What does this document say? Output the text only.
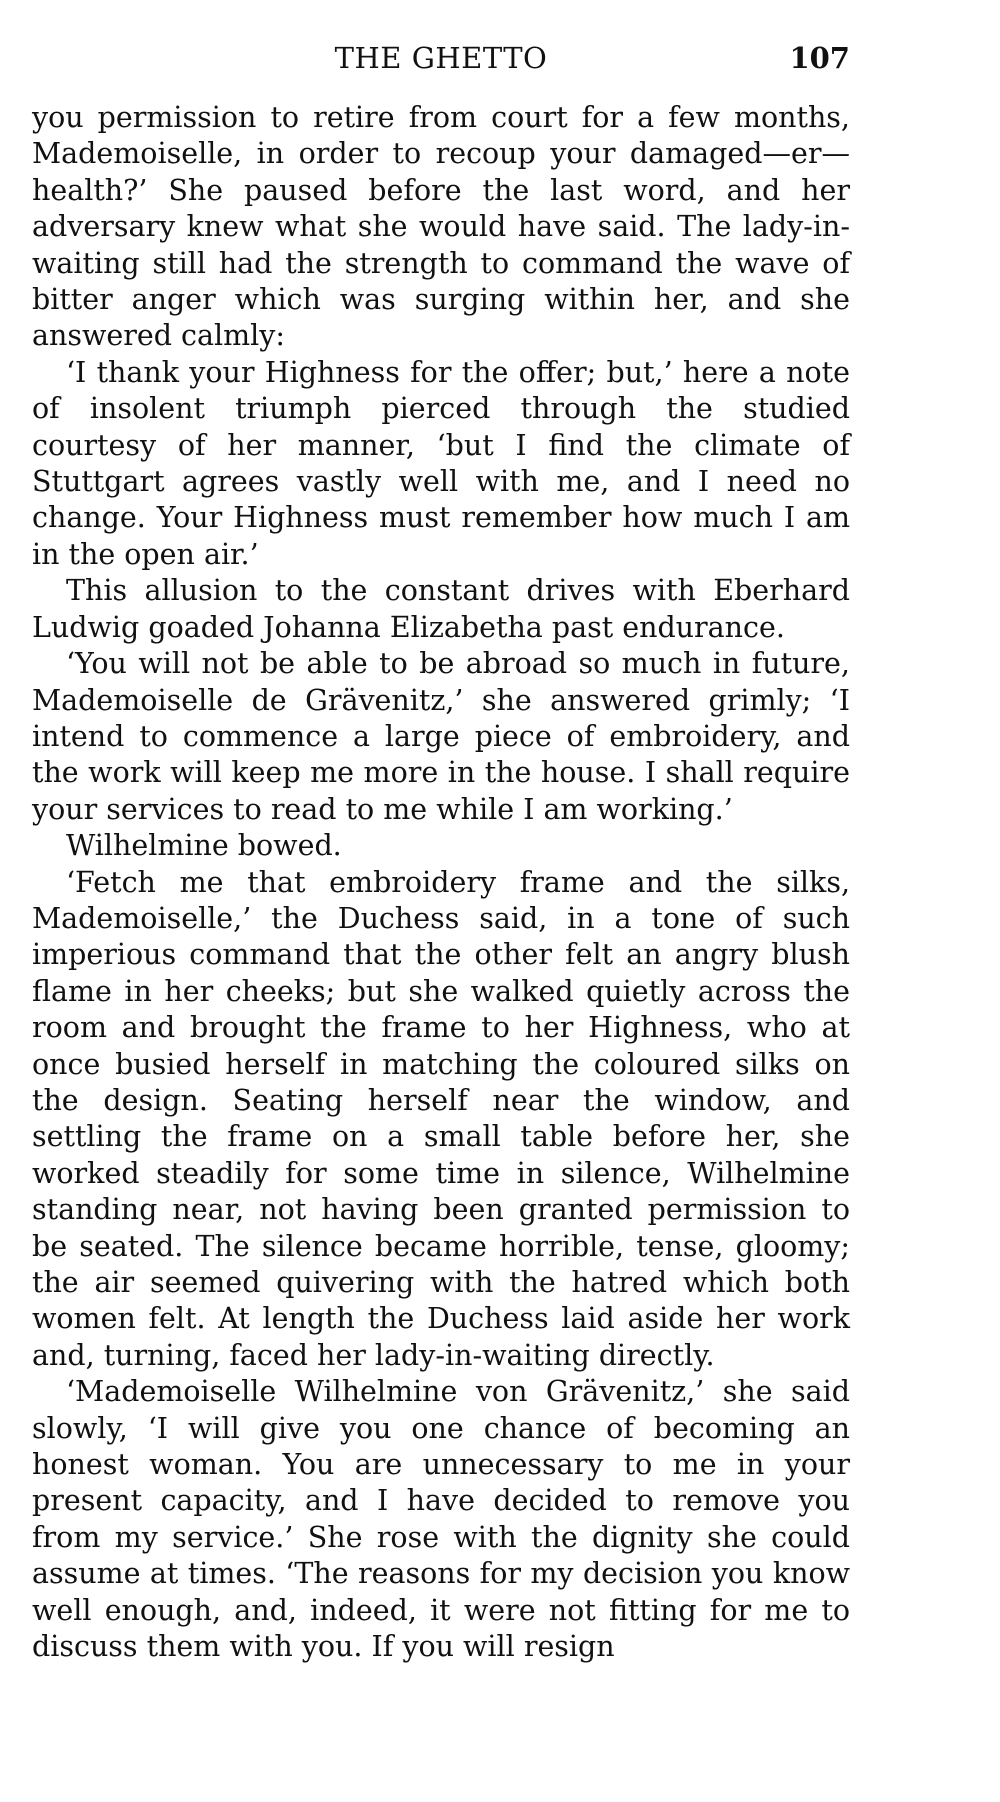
THE GHETTO	107

you permission to retire from court for a few months, Mademoiselle, in order to recoup your damaged—er—health?’ She paused before the last word, and her adversary knew what she would have said. The lady-in-waiting still had the strength to command the wave of bitter anger which was surging within her, and she answered calmly:

‘I thank your Highness for the offer; but,’ here a note of insolent triumph pierced through the studied courtesy of her manner, ‘but I find the climate of Stuttgart agrees vastly well with me, and I need no change. Your Highness must remember how much I am in the open air.’

This allusion to the constant drives with Eberhard Ludwig goaded Johanna Elizabetha past endurance.

‘You will not be able to be abroad so much in future, Mademoiselle de Grävenitz,’ she answered grimly; ‘I intend to commence a large piece of embroidery, and the work will keep me more in the house. I shall require your services to read to me while I am working.’

Wilhelmine bowed.

‘Fetch me that embroidery frame and the silks, Mademoiselle,’ the Duchess said, in a tone of such imperious command that the other felt an angry blush flame in her cheeks; but she walked quietly across the room and brought the frame to her Highness, who at once busied herself in matching the coloured silks on the design. Seating herself near the window, and settling the frame on a small table before her, she worked steadily for some time in silence, Wilhelmine standing near, not having been granted permission to be seated. The silence became horrible, tense, gloomy; the air seemed quivering with the hatred which both women felt. At length the Duchess laid aside her work and, turning, faced her lady-in-waiting directly.

‘Mademoiselle Wilhelmine von Grävenitz,’ she said slowly, ‘I will give you one chance of becoming an honest woman. You are unnecessary to me in your present capacity, and I have decided to remove you from my service.’ She rose with the dignity she could assume at times. ‘The reasons for my decision you know well enough, and, indeed, it were not fitting for me to discuss them with you. If you will resign
